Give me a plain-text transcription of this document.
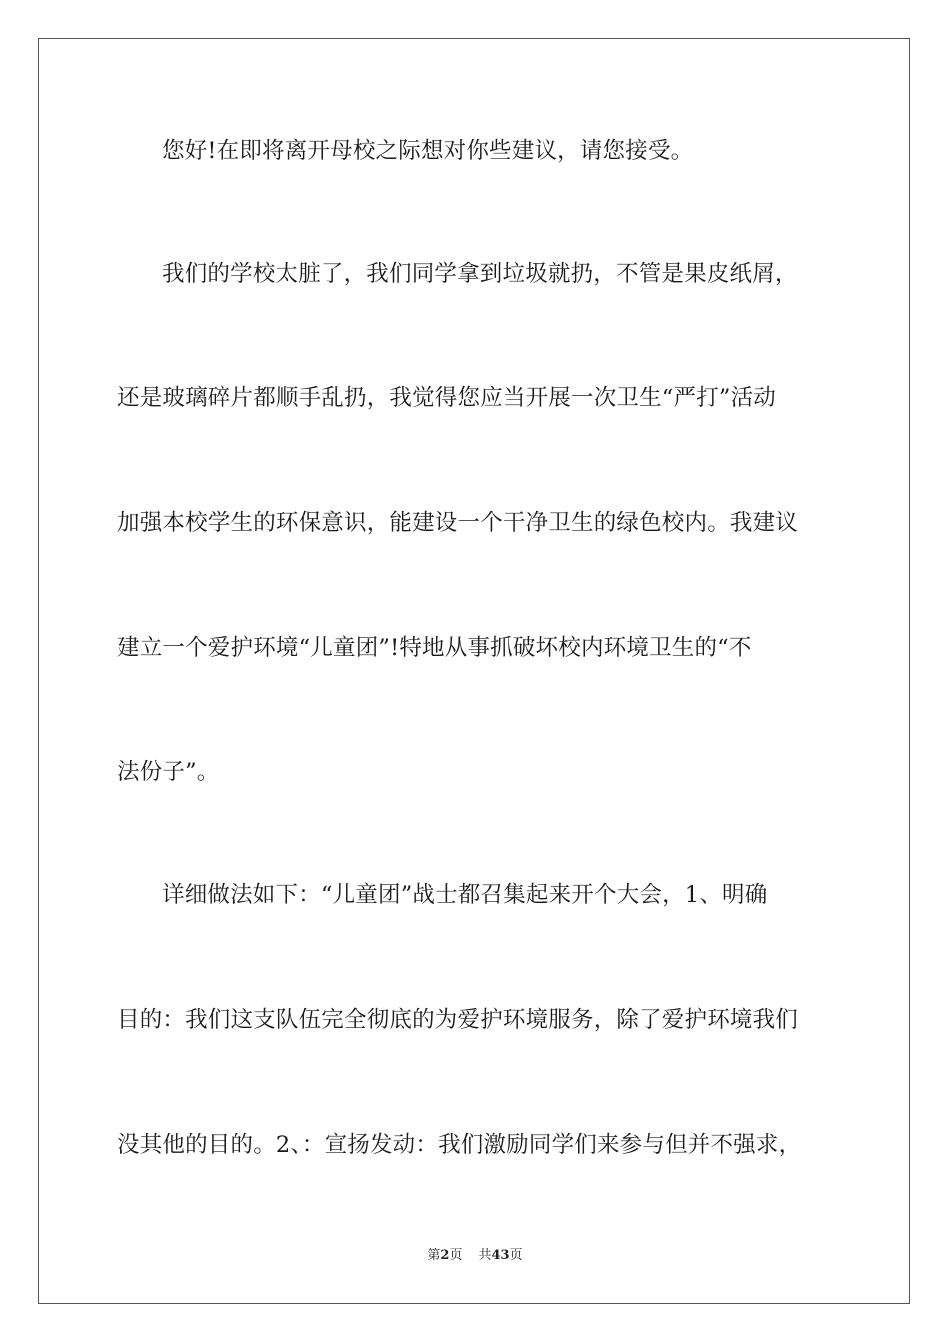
您好!在即将离开母校之际想对你些建议，请您接受。
我们的学校太脏了，我们同学拿到垃圾就扔，不管是果皮纸屑，
还是玻璃碎片都顺手乱扔，我觉得您应当开展一次卫生“严打”活动
加强本校学生的环保意识，能建设一个干净卫生的绿色校内。我建议
建立一个爱护环境“儿童团”!特地从事抓破坏校内环境卫生的“不
法份子”。
详细做法如下：“儿童团”战士都召集起来开个大会，1、明确
目的：我们这支队伍完全彻底的为爱护环境服务，除了爱护环境我们
没其他的目的。2、：宣扬发动：我们激励同学们来参与但并不强求，
第2页 共43页
